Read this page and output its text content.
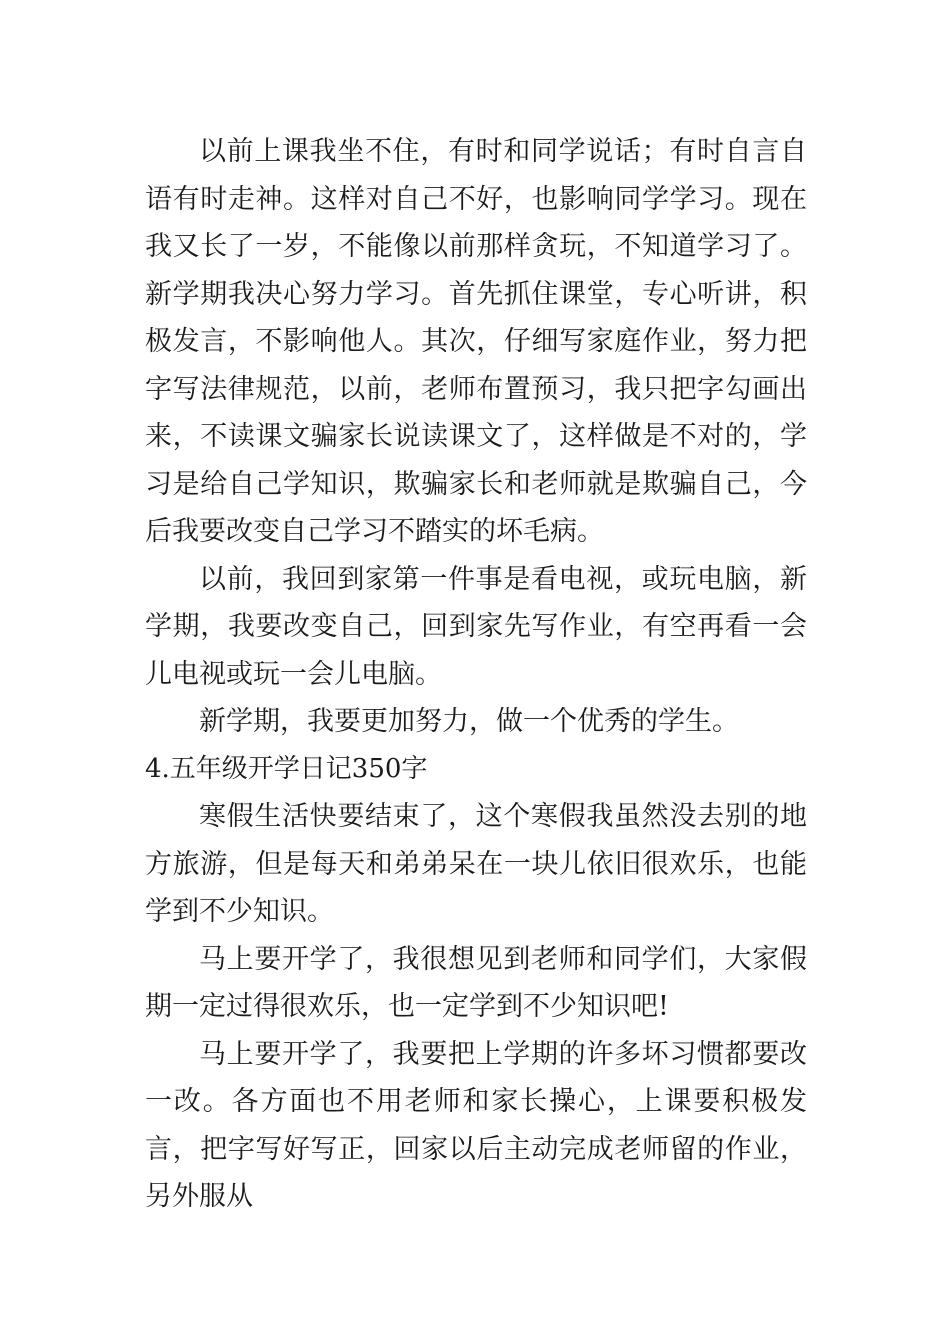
以前上课我坐不住，有时和同学说话；有时自言自语有时走神。这样对自己不好，也影响同学学习。现在我又长了一岁，不能像以前那样贪玩，不知道学习了。新学期我决心努力学习。首先抓住课堂，专心听讲，积极发言，不影响他人。其次，仔细写家庭作业，努力把字写法律规范，以前，老师布置预习，我只把字勾画出来，不读课文骗家长说读课文了，这样做是不对的，学习是给自己学知识，欺骗家长和老师就是欺骗自己，今后我要改变自己学习不踏实的坏毛病。

以前，我回到家第一件事是看电视，或玩电脑，新学期，我要改变自己，回到家先写作业，有空再看一会儿电视或玩一会儿电脑。

新学期，我要更加努力，做一个优秀的学生。

4.五年级开学日记350字

寒假生活快要结束了，这个寒假我虽然没去别的地方旅游，但是每天和弟弟呆在一块儿依旧很欢乐，也能学到不少知识。

马上要开学了，我很想见到老师和同学们，大家假期一定过得很欢乐，也一定学到不少知识吧!

马上要开学了，我要把上学期的许多坏习惯都要改一改。各方面也不用老师和家长操心，上课要积极发言，把字写好写正，回家以后主动完成老师留的作业，另外服从
